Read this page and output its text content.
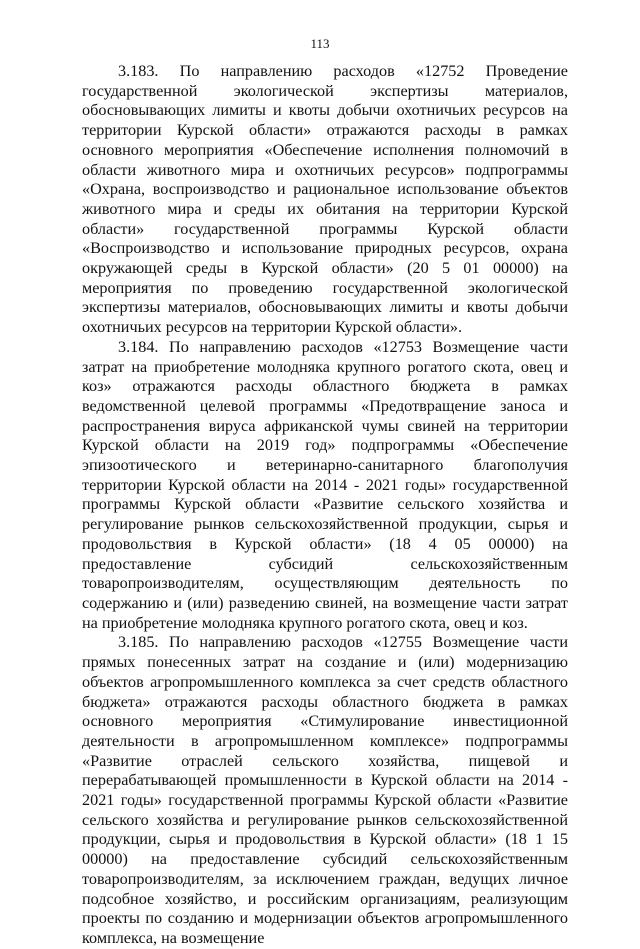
113

3.183. По направлению расходов «12752 Проведение государственной экологической экспертизы материалов, обосновывающих лимиты и квоты добычи охотничьих ресурсов на территории Курской области» отражаются расходы в рамках основного мероприятия «Обеспечение исполнения полномочий в области животного мира и охотничьих ресурсов» подпрограммы «Охрана, воспроизводство и рациональное использование объектов животного мира и среды их обитания на территории Курской области» государственной программы Курской области «Воспроизводство и использование природных ресурсов, охрана окружающей среды в Курской области» (20 5 01 00000) на мероприятия по проведению государственной экологической экспертизы материалов, обосновывающих лимиты и квоты добычи охотничьих ресурсов на территории Курской области».

3.184. По направлению расходов «12753 Возмещение части затрат на приобретение молодняка крупного рогатого скота, овец и коз» отражаются расходы областного бюджета в рамках ведомственной целевой программы «Предотвращение заноса и распространения вируса африканской чумы свиней на территории Курской области на 2019 год» подпрограммы «Обеспечение эпизоотического и ветеринарно-санитарного благополучия территории Курской области на 2014 - 2021 годы» государственной программы Курской области «Развитие сельского хозяйства и регулирование рынков сельскохозяйственной продукции, сырья и продовольствия в Курской области» (18 4 05 00000) на предоставление субсидий сельскохозяйственным товаропроизводителям, осуществляющим деятельность по содержанию и (или) разведению свиней, на возмещение части затрат на приобретение молодняка крупного рогатого скота, овец и коз.

3.185. По направлению расходов «12755 Возмещение части прямых понесенных затрат на создание и (или) модернизацию объектов агропромышленного комплекса за счет средств областного бюджета» отражаются расходы областного бюджета в рамках основного мероприятия «Стимулирование инвестиционной деятельности в агропромышленном комплексе» подпрограммы «Развитие отраслей сельского хозяйства, пищевой и перерабатывающей промышленности в Курской области на 2014 - 2021 годы» государственной программы Курской области «Развитие сельского хозяйства и регулирование рынков сельскохозяйственной продукции, сырья и продовольствия в Курской области» (18 1 15 00000) на предоставление субсидий сельскохозяйственным товаропроизводителям, за исключением граждан, ведущих личное подсобное хозяйство, и российским организациям, реализующим проекты по созданию и модернизации объектов агропромышленного комплекса, на возмещение
